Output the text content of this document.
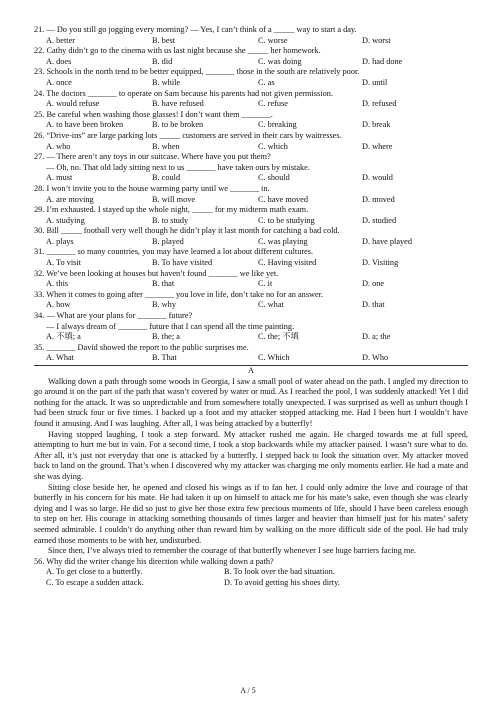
21. — Do you still go jogging every morning? — Yes, I can’t think of a _____ way to start a day.
A. better	B. best	C. worse	D. worst
22. Cathy didn’t go to the cinema with us last night because she _____ her homework.
A. does	B. did	C. was doing	D. had done
23. Schools in the north tend to be better equipped, _______ those in the south are relatively poor.
A. once	B. while	C. as	D. until
24. The doctors _______ to operate on Sam because his parents had not given permission.
A. would refuse	B. have refused	C. refuse	D. refused
25. Be careful when washing those glasses! I don’t want them _______.
A. to have been broken	B. to be broken	C. breaking	D. break
26. “Drive-ins” are large parking lots _____ customers are served in their cars by waitresses.
A. who	B. when	C. which	D. where
27. — There aren’t any toys in our suitcase. Where have you put them?
— Oh, no. That old lady sitting next to us _______ have taken ours by mistake.
A. must	B. could	C. should	D. would
28. I won’t invite you to the house warming party until we _______ in.
A. are moving	B. will move	C. have moved	D. moved
29. I’m exhausted. I stayed up the whole night, _____ for my midterm math exam.
A. studying	B. to study	C. to be studying	D. studied
30. Bill _____ football very well though he didn’t play it last month for catching a bad cold.
A. plays	B. played	C. was playing	D. have played
31. _______ so many countries, you may have learned a lot about different cultures.
A. To visit	B. To have visited	C. Having visited	D. Visiting
32. We’ve been looking at houses but haven’t found _______ we like yet.
A. this	B. that	C. it	D. one
33. When it comes to going after _______ you love in life, don’t take no for an answer.
A. how	B. why	C. what	D. that
34. — What are your plans for _______ future?
— I always dream of _______ future that I can spend all the time painting.
A. 不填; a	B. the; a	C. the; 不填	D. a; the
35. _______ David showed the report to the public surprises me.
A. What	B. That	C. Which	D. Who
A
Walking down a path through some woods in Georgia, I saw a small pool of water ahead on the path. I angled my direction to go around it on the part of the path that wasn’t covered by water or mud. As I reached the pool, I was suddenly attacked! Yet I did nothing for the attack. It was so unpredictable and from somewhere totally unexpected. I was surprised as well as unhurt though I had been struck four or five times. I backed up a foot and my attacker stopped attacking me. Had I been hurt I wouldn’t have found it amusing. And I was laughing. After all, I was being attacked by a butterfly!
Having stopped laughing, I took a step forward. My attacker rushed me again. He charged towards me at full speed, attempting to hurt me but in vain. For a second time, I took a stop backwards while my attacker paused. I wasn’t sure what to do. After all, it’s just not everyday that one is attacked by a butterfly. I stepped back to look the situation over. My attacker moved back to land on the ground. That’s when I discovered why my attacker was charging me only moments earlier. He had a mate and she was dying.
Sitting close beside her, he opened and closed his wings as if to fan her. I could only admire the love and courage of that butterfly in his concern for his mate. He had taken it up on himself to attack me for his mate’s sake, even though she was clearly dying and I was so large. He did so just to give her those extra few precious moments of life, should I have been careless enough to step on her. His courage in attacking something thousands of times larger and heavier than himself just for his mates’ safety seemed admirable. I couldn’t do anything other than reward him by walking on the more difficult side of the pool. He had truly earned those moments to be with her, undisturbed.
Since then, I’ve always tried to remember the courage of that butterfly whenever I see huge barriers facing me.
56. Why did the writer change his direction while walking down a path?
A. To get close to a butterfly.	B. To look over the bad situation.
C. To escape a sudden attack.	D. To avoid getting his shoes dirty.
A / 5
